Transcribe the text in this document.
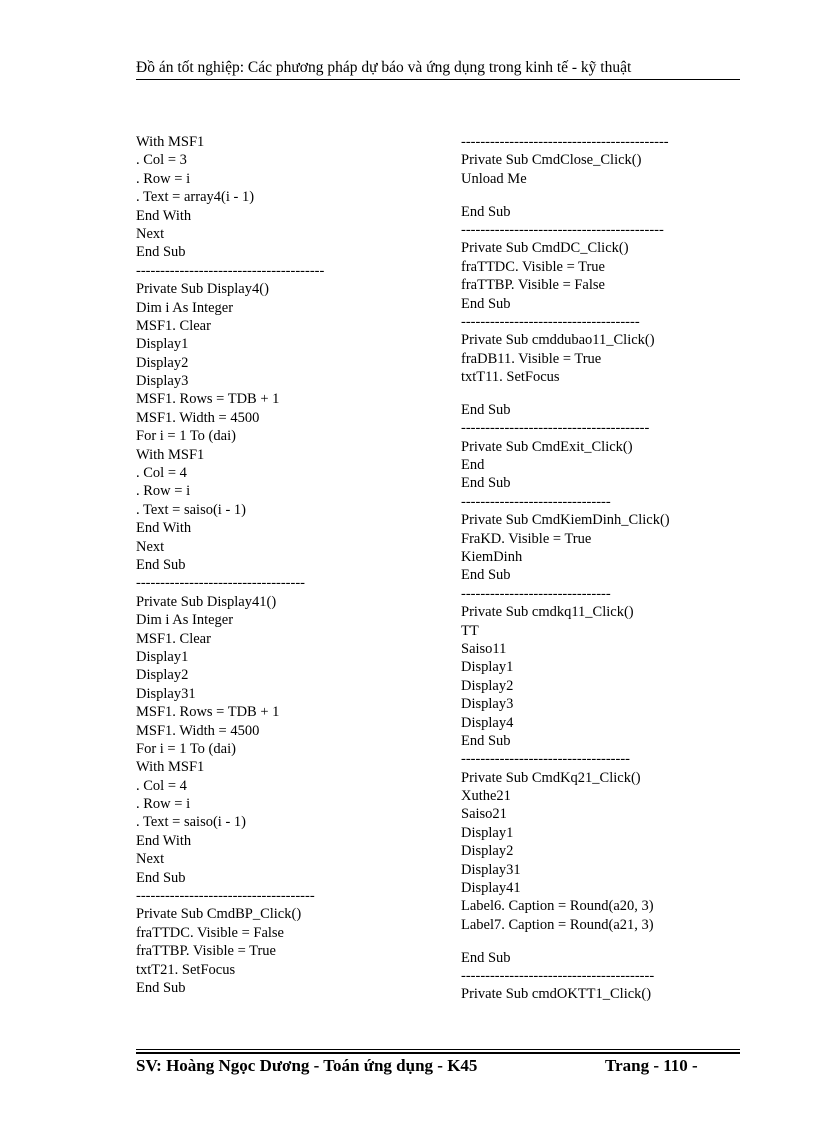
Đồ án tốt nghiệp: Các phương pháp dự báo và ứng dụng trong kinh tế - kỹ thuật
With MSF1
. Col = 3
. Row = i
. Text = array4(i - 1)
End With
Next
End Sub
---------------------------------------
Private Sub Display4()
Dim i As Integer
MSF1. Clear
Display1
Display2
Display3
MSF1. Rows = TDB + 1
MSF1. Width = 4500
For i = 1 To (dai)
With MSF1
. Col = 4
. Row = i
. Text = saiso(i - 1)
End With
Next
End Sub
-----------------------------------
Private Sub Display41()
Dim i As Integer
MSF1. Clear
Display1
Display2
Display31
MSF1. Rows = TDB + 1
MSF1. Width = 4500
For i = 1 To (dai)
With MSF1
. Col = 4
. Row = i
. Text = saiso(i - 1)
End With
Next
End Sub
-------------------------------------
Private Sub CmdBP_Click()
fraTTDC. Visible = False
fraTTBP. Visible = True
txtT21. SetFocus
End Sub
-------------------------------------------
Private Sub CmdClose_Click()
Unload Me
End Sub
------------------------------------------
Private Sub CmdDC_Click()
fraTTDC. Visible = True
fraTTBP. Visible = False
End Sub
-------------------------------------
Private Sub cmddubao11_Click()
fraDB11. Visible = True
txtT11. SetFocus
End Sub
---------------------------------------
Private Sub CmdExit_Click()
End
End Sub
-------------------------------
Private Sub CmdKiemDinh_Click()
FraKD. Visible = True
KiemDinh
End Sub
-------------------------------
Private Sub cmdkq11_Click()
TT
Saiso11
Display1
Display2
Display3
Display4
End Sub
-----------------------------------
Private Sub CmdKq21_Click()
Xuthe21
Saiso21
Display1
Display2
Display31
Display41
Label6. Caption = Round(a20, 3)
Label7. Caption = Round(a21, 3)
End Sub
----------------------------------------
Private Sub cmdOKTT1_Click()
SV: Hoàng Ngọc Dương - Toán ứng dụng - K45	Trang - 110 -
